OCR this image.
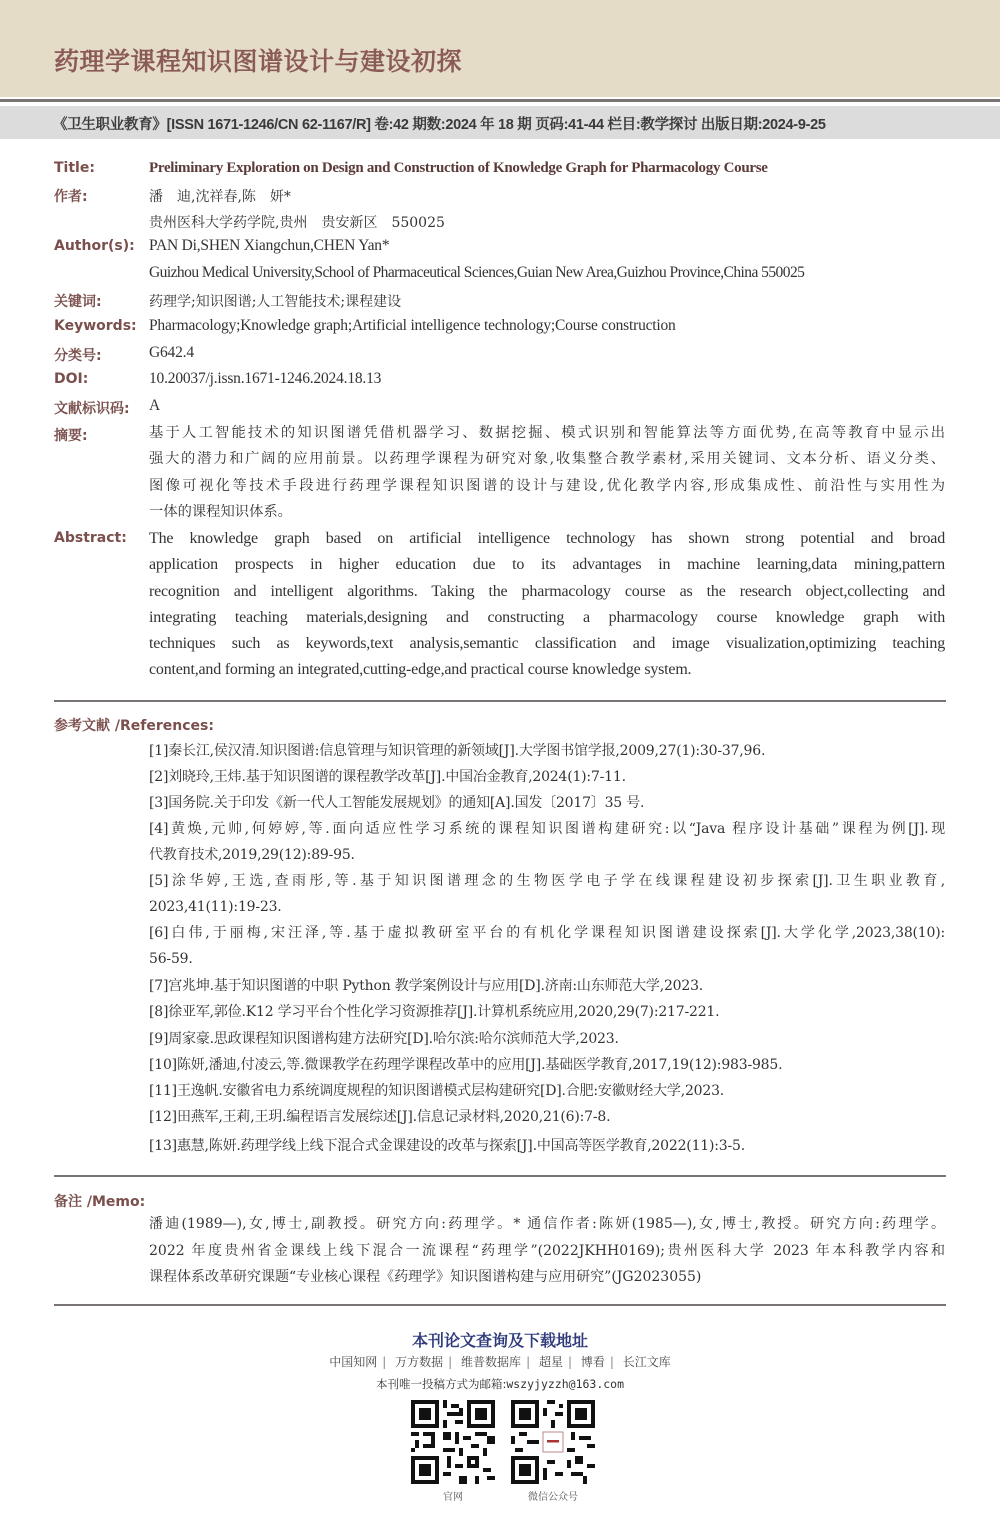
药理学课程知识图谱设计与建设初探
《卫生职业教育》[ISSN 1671-1246/CN 62-1167/R] 卷:42 期数:2024 年 18 期 页码:41-44 栏目:教学探讨 出版日期:2024-9-25
Title:	Preliminary Exploration on Design and Construction of Knowledge Graph for Pharmacology Course
作者:	潘　迪,沈祥春,陈　妍*
贵州医科大学药学院,贵州　贵安新区　550025
Author(s): PAN Di,SHEN Xiangchun,CHEN Yan*
Guizhou Medical University,School of Pharmaceutical Sciences,Guian New Area,Guizhou Province,China 550025
关键词:	药理学;知识图谱;人工智能技术;课程建设
Keywords: Pharmacology;Knowledge graph;Artificial intelligence technology;Course construction
分类号:	G642.4
DOI:	10.20037/j.issn.1671-1246.2024.18.13
文献标识码: A
摘要:	基于人工智能技术的知识图谱凭借机器学习、数据挖掘、模式识别和智能算法等方面优势,在高等教育中显示出
强大的潜力和广阔的应用前景。以药理学课程为研究对象,收集整合教学素材,采用关键词、文本分析、语义分类、
图像可视化等技术手段进行药理学课程知识图谱的设计与建设,优化教学内容,形成集成性、前沿性与实用性为
一体的课程知识体系。
Abstract: The knowledge graph based on artificial intelligence technology has shown strong potential and broad
application prospects in higher education due to its advantages in machine learning,data mining,pattern
recognition and intelligent algorithms. Taking the pharmacology course as the research object,collecting and
integrating teaching materials,designing and constructing a pharmacology course knowledge graph with
techniques such as keywords,text analysis,semantic classification and image visualization,optimizing teaching
content,and forming an integrated,cutting-edge,and practical course knowledge system.
参考文献 /References:
[1]秦长江,侯汉清.知识图谱:信息管理与知识管理的新领域[J].大学图书馆学报,2009,27(1):30-37,96.
[2]刘晓玲,王炜.基于知识图谱的课程教学改革[J].中国冶金教育,2024(1):7-11.
[3]国务院.关于印发《新一代人工智能发展规划》的通知[A].国发〔2017〕35 号.
[4]黄焕,元帅,何婷婷,等.面向适应性学习系统的课程知识图谱构建研究:以“Java 程序设计基础”课程为例[J].现
代教育技术,2019,29(12):89-95.
[5]涂华婷,王选,查雨彤,等.基于知识图谱理念的生物医学电子学在线课程建设初步探索[J].卫生职业教育,
2023,41(11):19-23.
[6]白伟,于丽梅,宋汪泽,等.基于虚拟教研室平台的有机化学课程知识图谱建设探索[J].大学化学,2023,38(10):
56-59.
[7]宫兆坤.基于知识图谱的中职 Python 教学案例设计与应用[D].济南:山东师范大学,2023.
[8]徐亚军,郭俭.K12 学习平台个性化学习资源推荐[J].计算机系统应用,2020,29(7):217-221.
[9]周家豪.思政课程知识图谱构建方法研究[D].哈尔滨:哈尔滨师范大学,2023.
[10]陈妍,潘迪,付凌云,等.微课教学在药理学课程改革中的应用[J].基础医学教育,2017,19(12):983-985.
[11]王逸帆.安徽省电力系统调度规程的知识图谱模式层构建研究[D].合肥:安徽财经大学,2023.
[12]田燕军,王莉,王玥.编程语言发展综述[J].信息记录材料,2020,21(6):7-8.
[13]惠慧,陈妍.药理学线上线下混合式金课建设的改革与探索[J].中国高等医学教育,2022(11):3-5.
备注 /Memo:
潘迪(1989—),女,博士,副教授。研究方向:药理学。* 通信作者:陈妍(1985—),女,博士,教授。研究方向:药理学。
2022 年度贵州省金课线上线下混合一流课程“药理学”(2022JKHH0169);贵州医科大学 2023 年本科教学内容和
课程体系改革研究课题“专业核心课程《药理学》知识图谱构建与应用研究”(JG2023055)
本刊论文查询及下载地址
中国知网 | 万方数据 | 维普数据库 | 超星 | 博看 | 长江文库
本刊唯一投稿方式为邮箱:wszyjyzzh@163.com
官网	微信公众号
